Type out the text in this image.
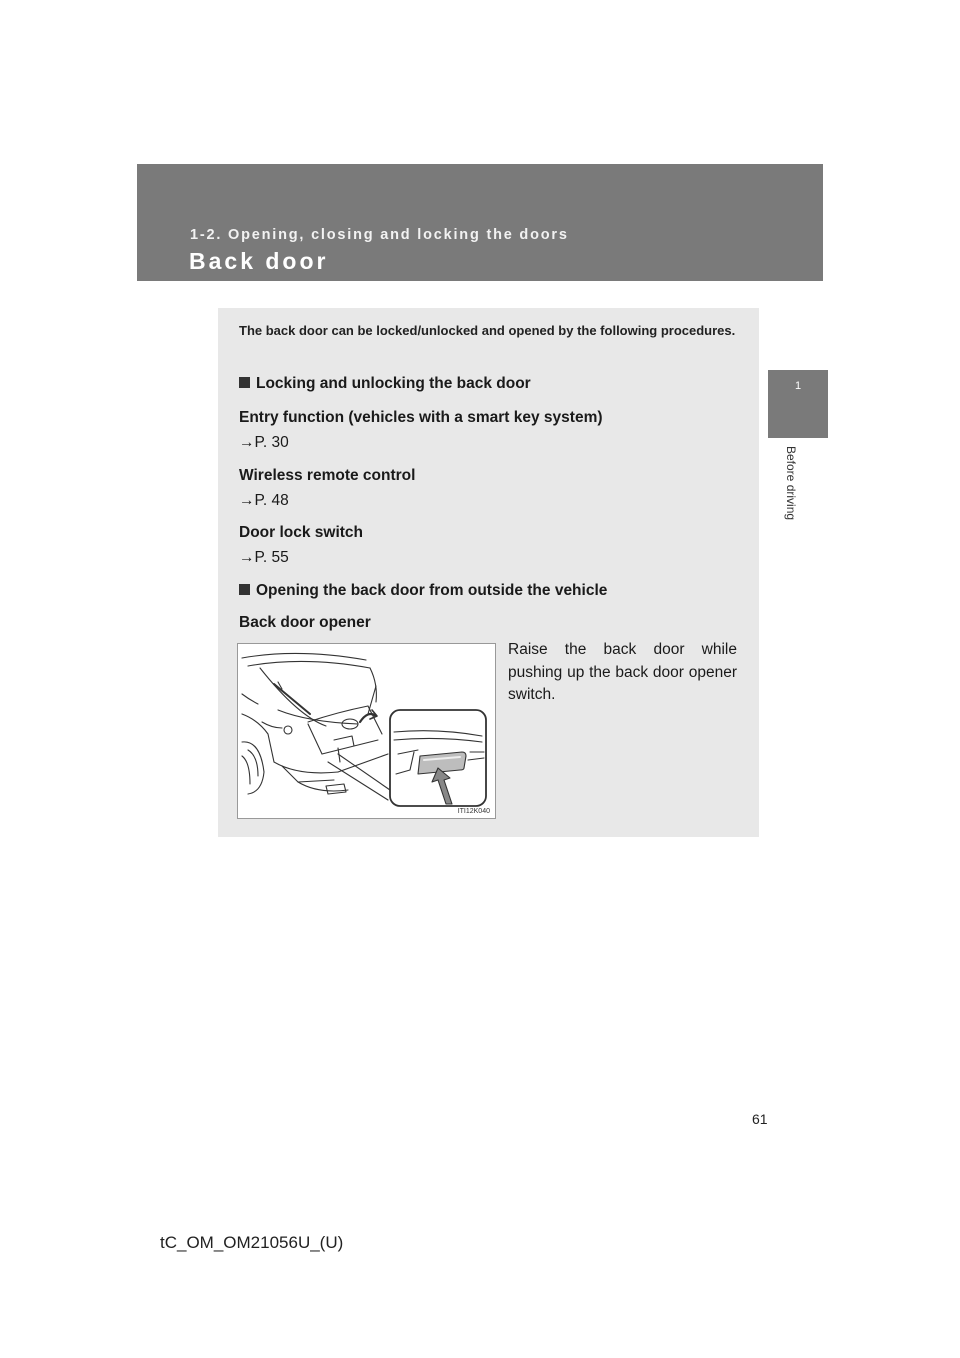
1-2. Opening, closing and locking the doors
Back door
1
Before driving
The back door can be locked/unlocked and opened by the following procedures.
Locking and unlocking the back door
Entry function (vehicles with a smart key system)
→P. 30
Wireless remote control
→P. 48
Door lock switch
→P. 55
Opening the back door from outside the vehicle
Back door opener
ITI12K040
Raise the back door while pushing up the back door opener switch.
61
tC_OM_OM21056U_(U)
